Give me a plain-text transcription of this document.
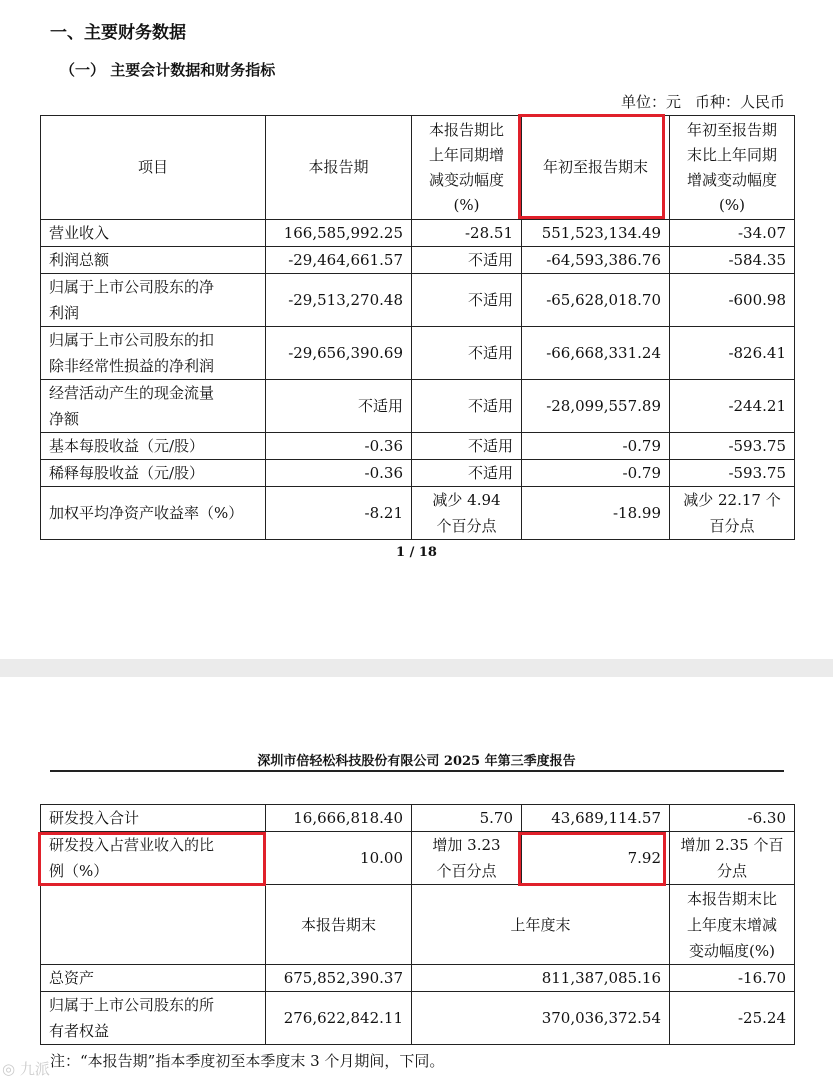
一、主要财务数据
（一） 主要会计数据和财务指标
单位：元 币种：人民币
项目	本报告期	本报告期比
上年同期增
减变动幅度
(%)	年初至报告期末	年初至报告期
末比上年同期
增减变动幅度
(%)

营业收入	166,585,992.25	-28.51	551,523,134.49	-34.07

利润总额	-29,464,661.57	不适用	-64,593,386.76	-584.35

归属于上市公司股东的净
利润	-29,513,270.48	不适用	-65,628,018.70	-600.98

归属于上市公司股东的扣
除非经常性损益的净利润	-29,656,390.69	不适用	-66,668,331.24	-826.41

经营活动产生的现金流量
净额	不适用	不适用	-28,099,557.89	-244.21

基本每股收益（元/股）	-0.36	不适用	-0.79	-593.75

稀释每股收益（元/股）	-0.36	不适用	-0.79	-593.75

加权平均净资产收益率（%）	-8.21	减少 4.94
个百分点	-18.99	减少 22.17 个
百分点
1 / 18
深圳市倍轻松科技股份有限公司 2025 年第三季度报告
研发投入合计	16,666,818.40	5.70	43,689,114.57	-6.30

研发投入占营业收入的比
例（%）	10.00	增加 3.23
个百分点	7.92	增加 2.35 个百
分点

	本报告期末	上年度末		本报告期末比
上年度末增减
变动幅度(%)

总资产	675,852,390.37	811,387,085.16		-16.70

归属于上市公司股东的所
有者权益	276,622,842.11	370,036,372.54		-25.24
注：“本报告期”指本季度初至本季度末 3 个月期间，下同。
◎ 九派
